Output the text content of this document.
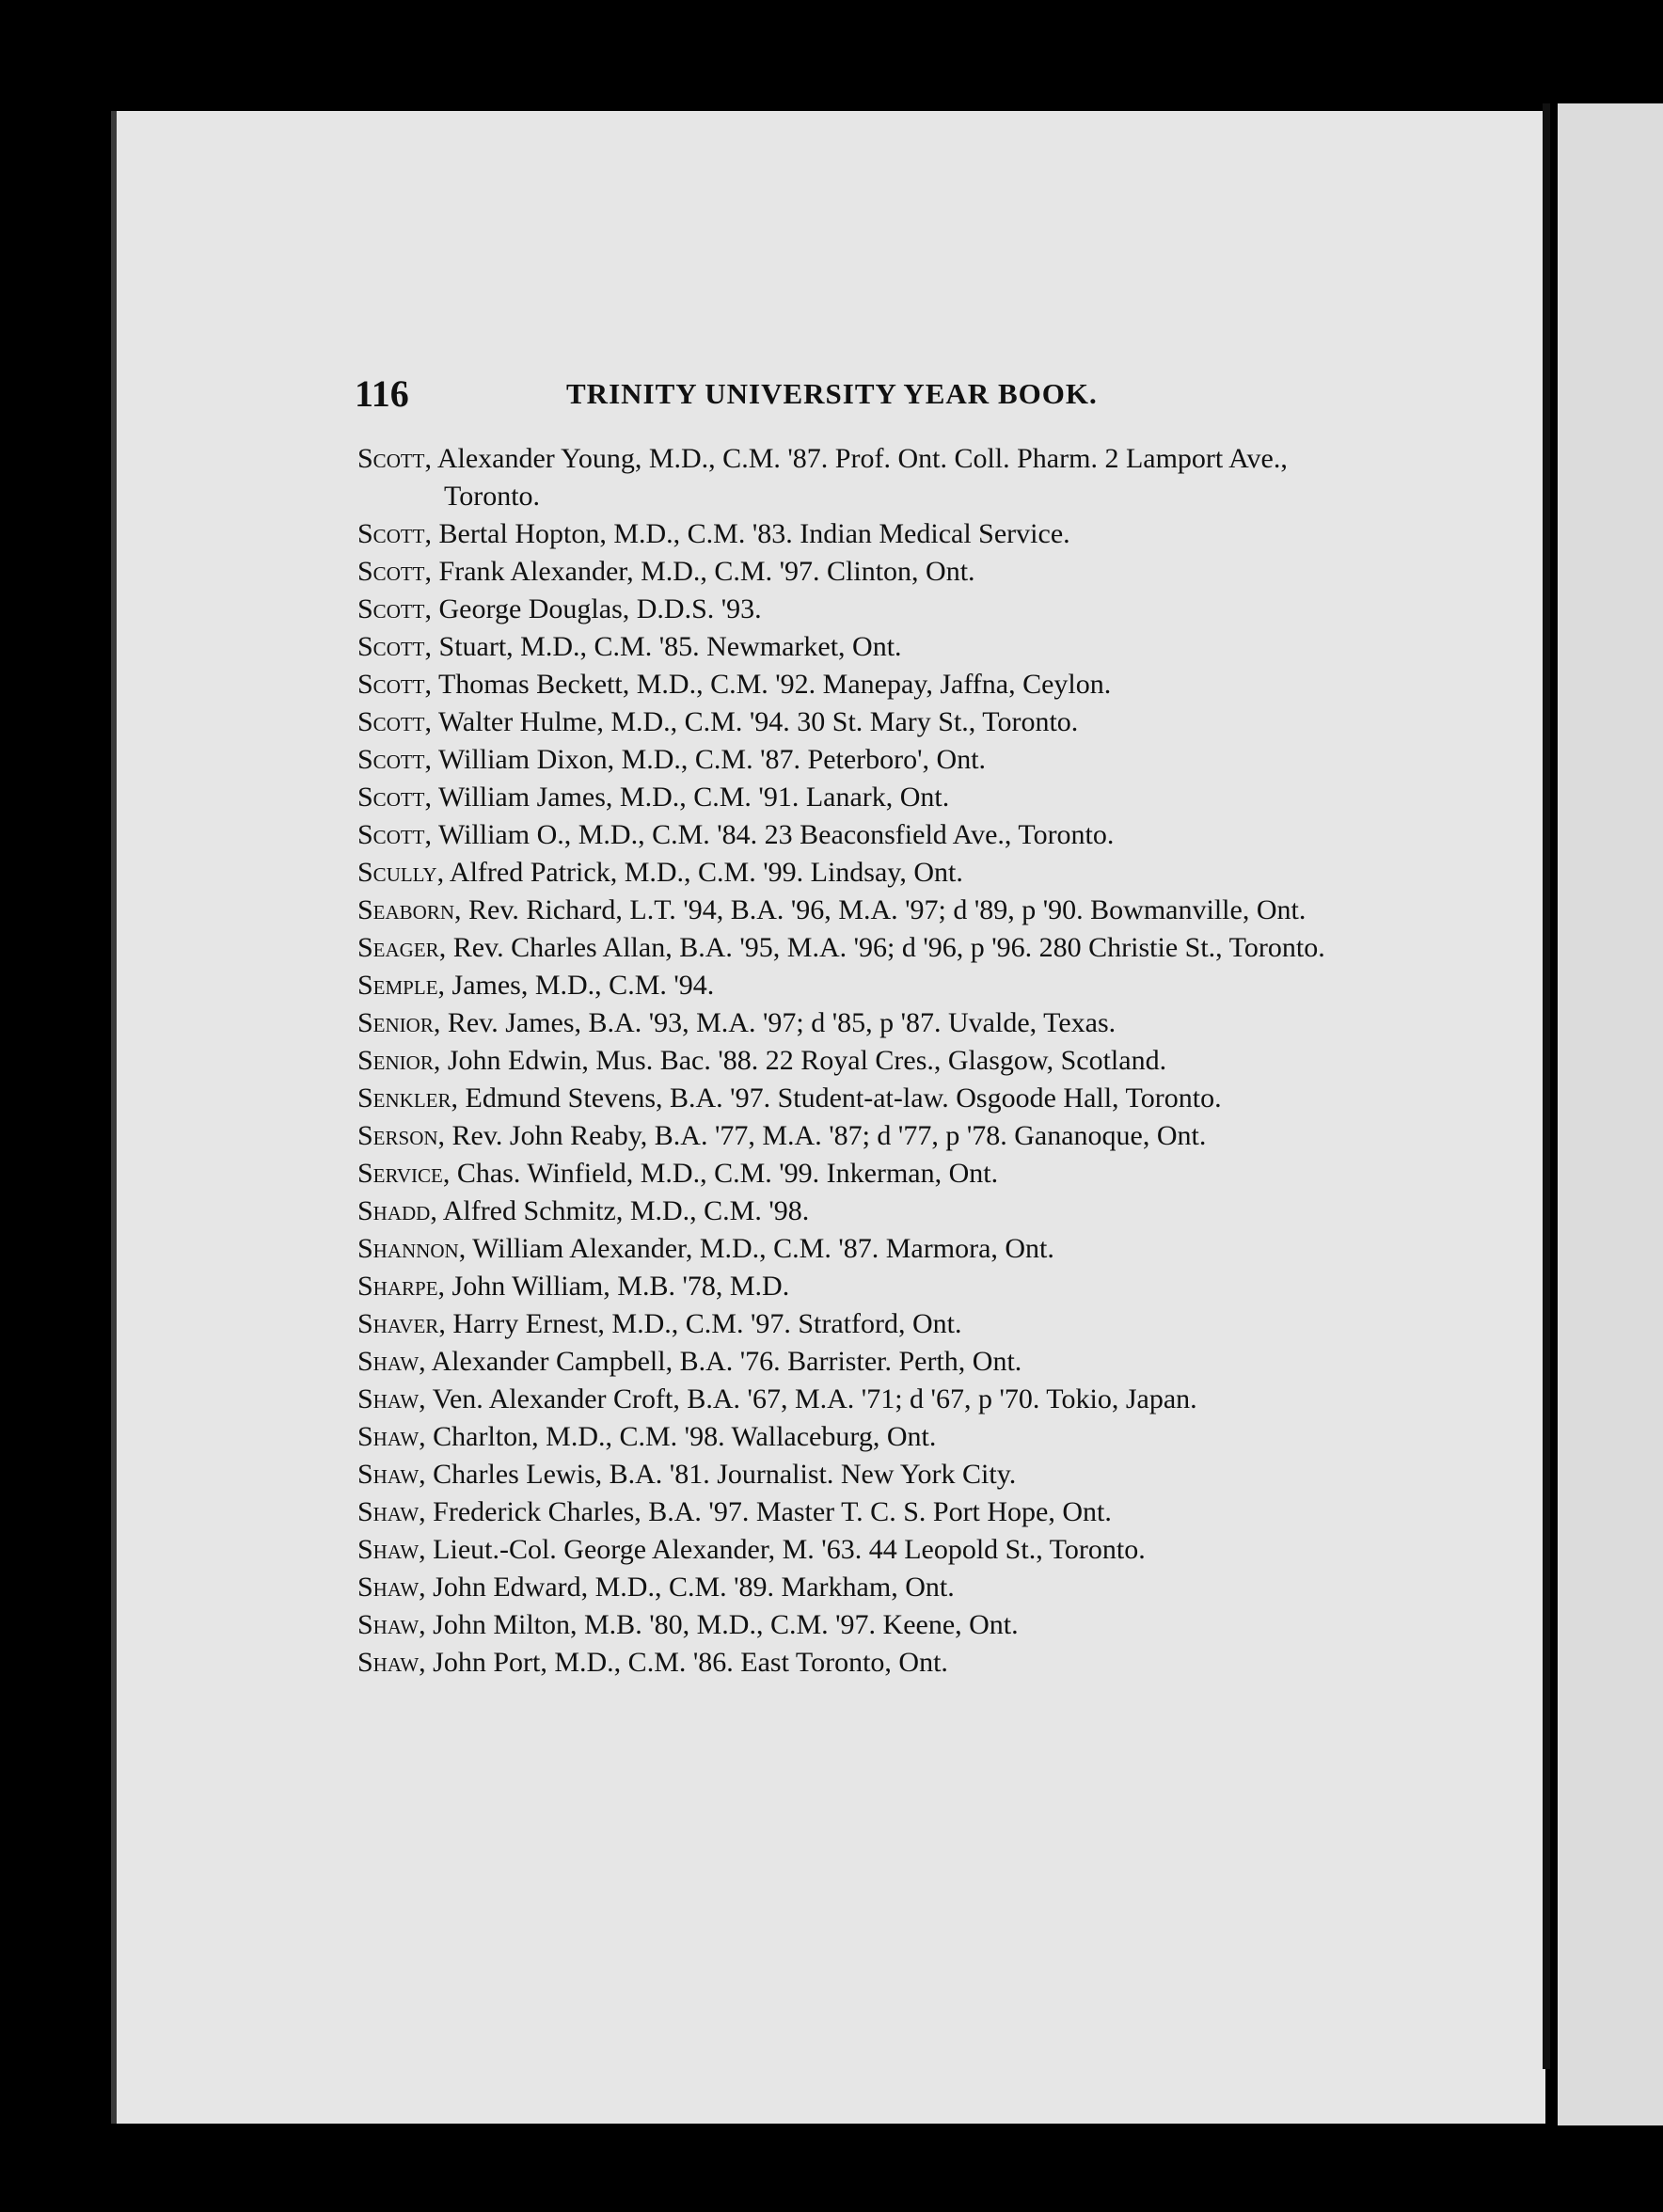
116	TRINITY UNIVERSITY YEAR BOOK.
Scott, Alexander Young, M.D., C.M. '87. Prof. Ont. Coll. Pharm. 2 Lamport Ave., Toronto.
Scott, Bertal Hopton, M.D., C.M. '83. Indian Medical Service.
Scott, Frank Alexander, M.D., C.M. '97. Clinton, Ont.
Scott, George Douglas, D.D.S. '93.
Scott, Stuart, M.D., C.M. '85. Newmarket, Ont.
Scott, Thomas Beckett, M.D., C.M. '92. Manepay, Jaffna, Ceylon.
Scott, Walter Hulme, M.D., C.M. '94. 30 St. Mary St., Toronto.
Scott, William Dixon, M.D., C.M. '87. Peterboro', Ont.
Scott, William James, M.D., C.M. '91. Lanark, Ont.
Scott, William O., M.D., C.M. '84. 23 Beaconsfield Ave., Toronto.
Scully, Alfred Patrick, M.D., C.M. '99. Lindsay, Ont.
Seaborn, Rev. Richard, L.T. '94, B.A. '96, M.A. '97; d '89, p '90. Bowmanville, Ont.
Seager, Rev. Charles Allan, B.A. '95, M.A. '96; d '96, p '96. 280 Christie St., Toronto.
Semple, James, M.D., C.M. '94.
Senior, Rev. James, B.A. '93, M.A. '97; d '85, p '87. Uvalde, Texas.
Senior, John Edwin, Mus. Bac. '88. 22 Royal Cres., Glasgow, Scotland.
Senkler, Edmund Stevens, B.A. '97. Student-at-law. Osgoode Hall, Toronto.
Serson, Rev. John Reaby, B.A. '77, M.A. '87; d '77, p '78. Gananoque, Ont.
Service, Chas. Winfield, M.D., C.M. '99. Inkerman, Ont.
Shadd, Alfred Schmitz, M.D., C.M. '98.
Shannon, William Alexander, M.D., C.M. '87. Marmora, Ont.
Sharpe, John William, M.B. '78, M.D.
Shaver, Harry Ernest, M.D., C.M. '97. Stratford, Ont.
Shaw, Alexander Campbell, B.A. '76. Barrister. Perth, Ont.
Shaw, Ven. Alexander Croft, B.A. '67, M.A. '71; d '67, p '70. Tokio, Japan.
Shaw, Charlton, M.D., C.M. '98. Wallaceburg, Ont.
Shaw, Charles Lewis, B.A. '81. Journalist. New York City.
Shaw, Frederick Charles, B.A. '97. Master T. C. S. Port Hope, Ont.
Shaw, Lieut.-Col. George Alexander, M. '63. 44 Leopold St., Toronto.
Shaw, John Edward, M.D., C.M. '89. Markham, Ont.
Shaw, John Milton, M.B. '80, M.D., C.M. '97. Keene, Ont.
Shaw, John Port, M.D., C.M. '86. East Toronto, Ont.
